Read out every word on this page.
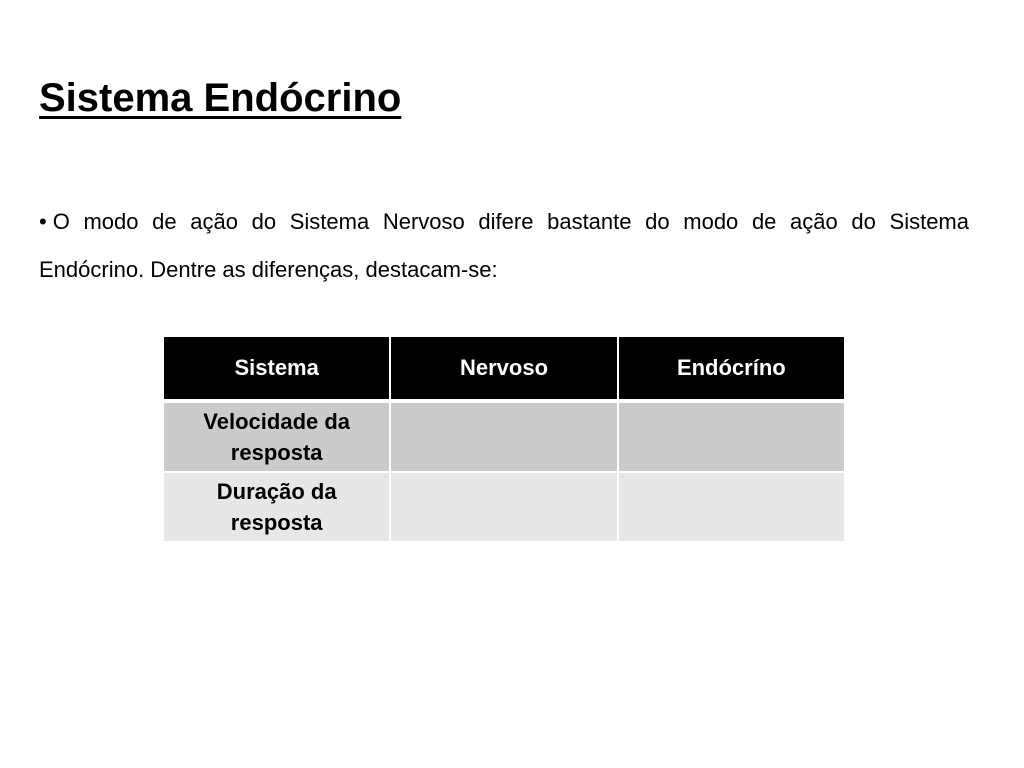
Sistema Endócrino

• O modo de ação do Sistema Nervoso difere bastante do modo de ação do Sistema Endócrino. Dentre as diferenças, destacam-se:

Sistema	Nervoso	Endócríno
Velocidade da resposta		
Duração da resposta		
